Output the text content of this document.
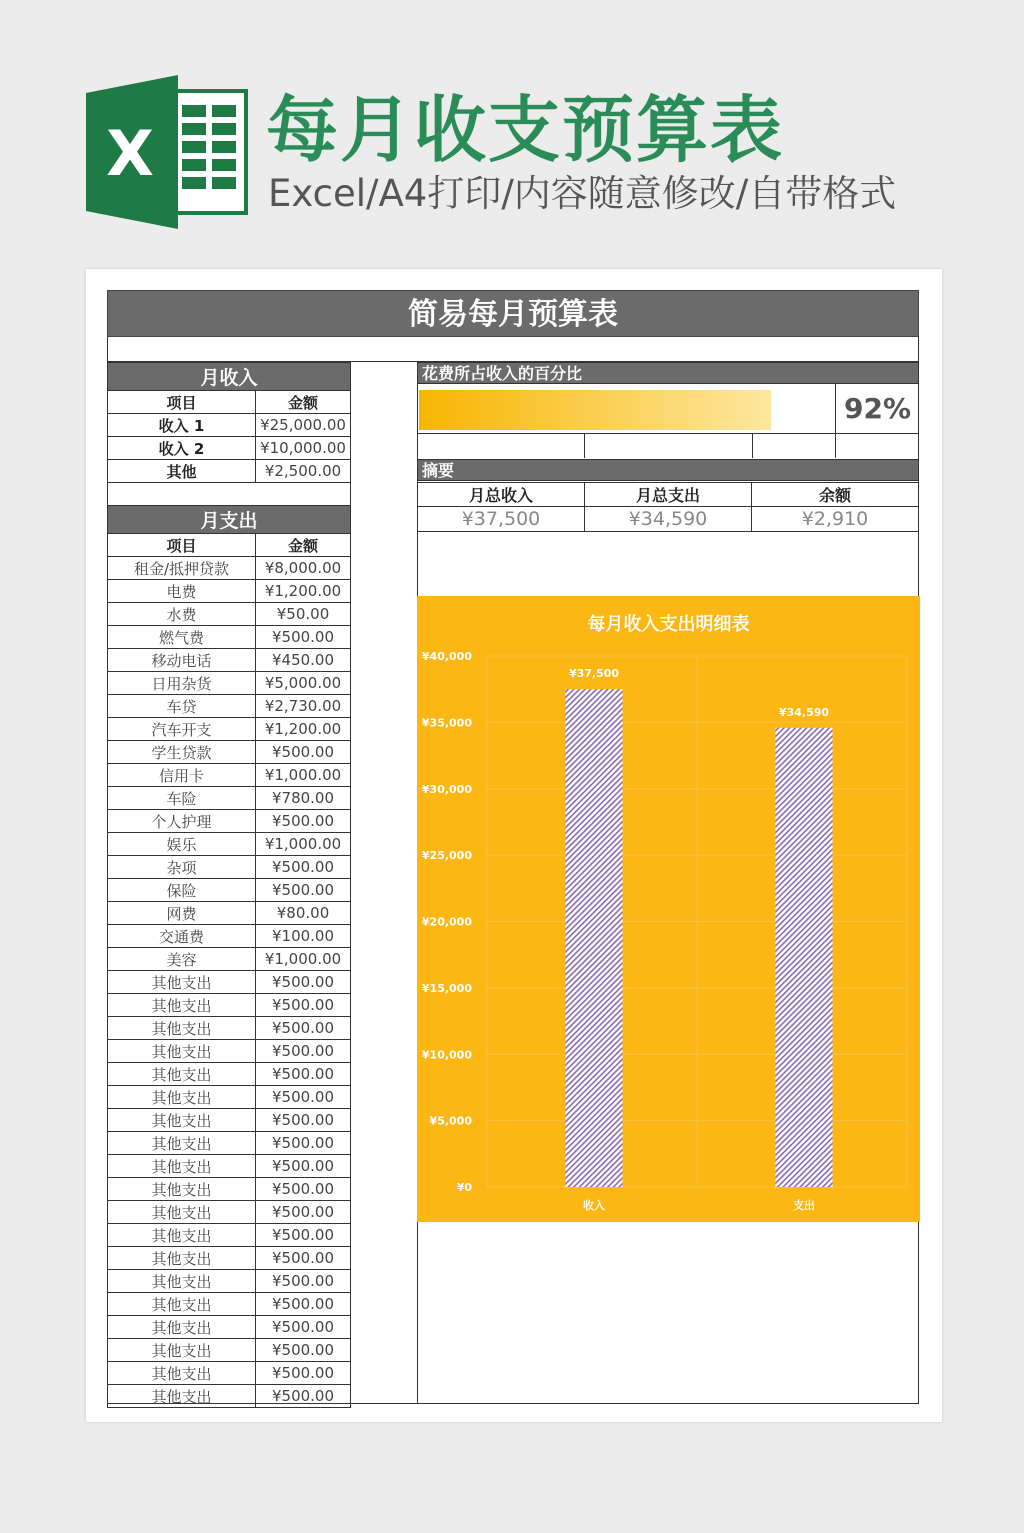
X 每月收支预算表
Excel/A4打印/内容随意修改/自带格式
简易每月预算表
月收入	
项目	金额
收入 1	¥25,000.00
收入 2	¥10,000.00
其他	¥2,500.00
月支出	
项目	金额
租金/抵押贷款	¥8,000.00
电费	¥1,200.00
水费	¥50.00
燃气费	¥500.00
移动电话	¥450.00
日用杂货	¥5,000.00
车贷	¥2,730.00
汽车开支	¥1,200.00
学生贷款	¥500.00
信用卡	¥1,000.00
车险	¥780.00
个人护理	¥500.00
娱乐	¥1,000.00
杂项	¥500.00
保险	¥500.00
网费	¥80.00
交通费	¥100.00
美容	¥1,000.00
其他支出	¥500.00
其他支出	¥500.00
其他支出	¥500.00
其他支出	¥500.00
其他支出	¥500.00
其他支出	¥500.00
其他支出	¥500.00
其他支出	¥500.00
其他支出	¥500.00
其他支出	¥500.00
其他支出	¥500.00
其他支出	¥500.00
其他支出	¥500.00
其他支出	¥500.00
其他支出	¥500.00
其他支出	¥500.00
其他支出	¥500.00
其他支出	¥500.00
其他支出	¥500.00
花费所占收入的百分比
92%
摘要
月总收入	月总支出	余额
¥37,500	¥34,590	¥2,910
每月收入支出明细表
¥0
¥5,000
¥10,000
¥15,000
¥20,000
¥25,000
¥30,000
¥35,000
¥40,000
¥37,500
收入
¥34,590
支出
